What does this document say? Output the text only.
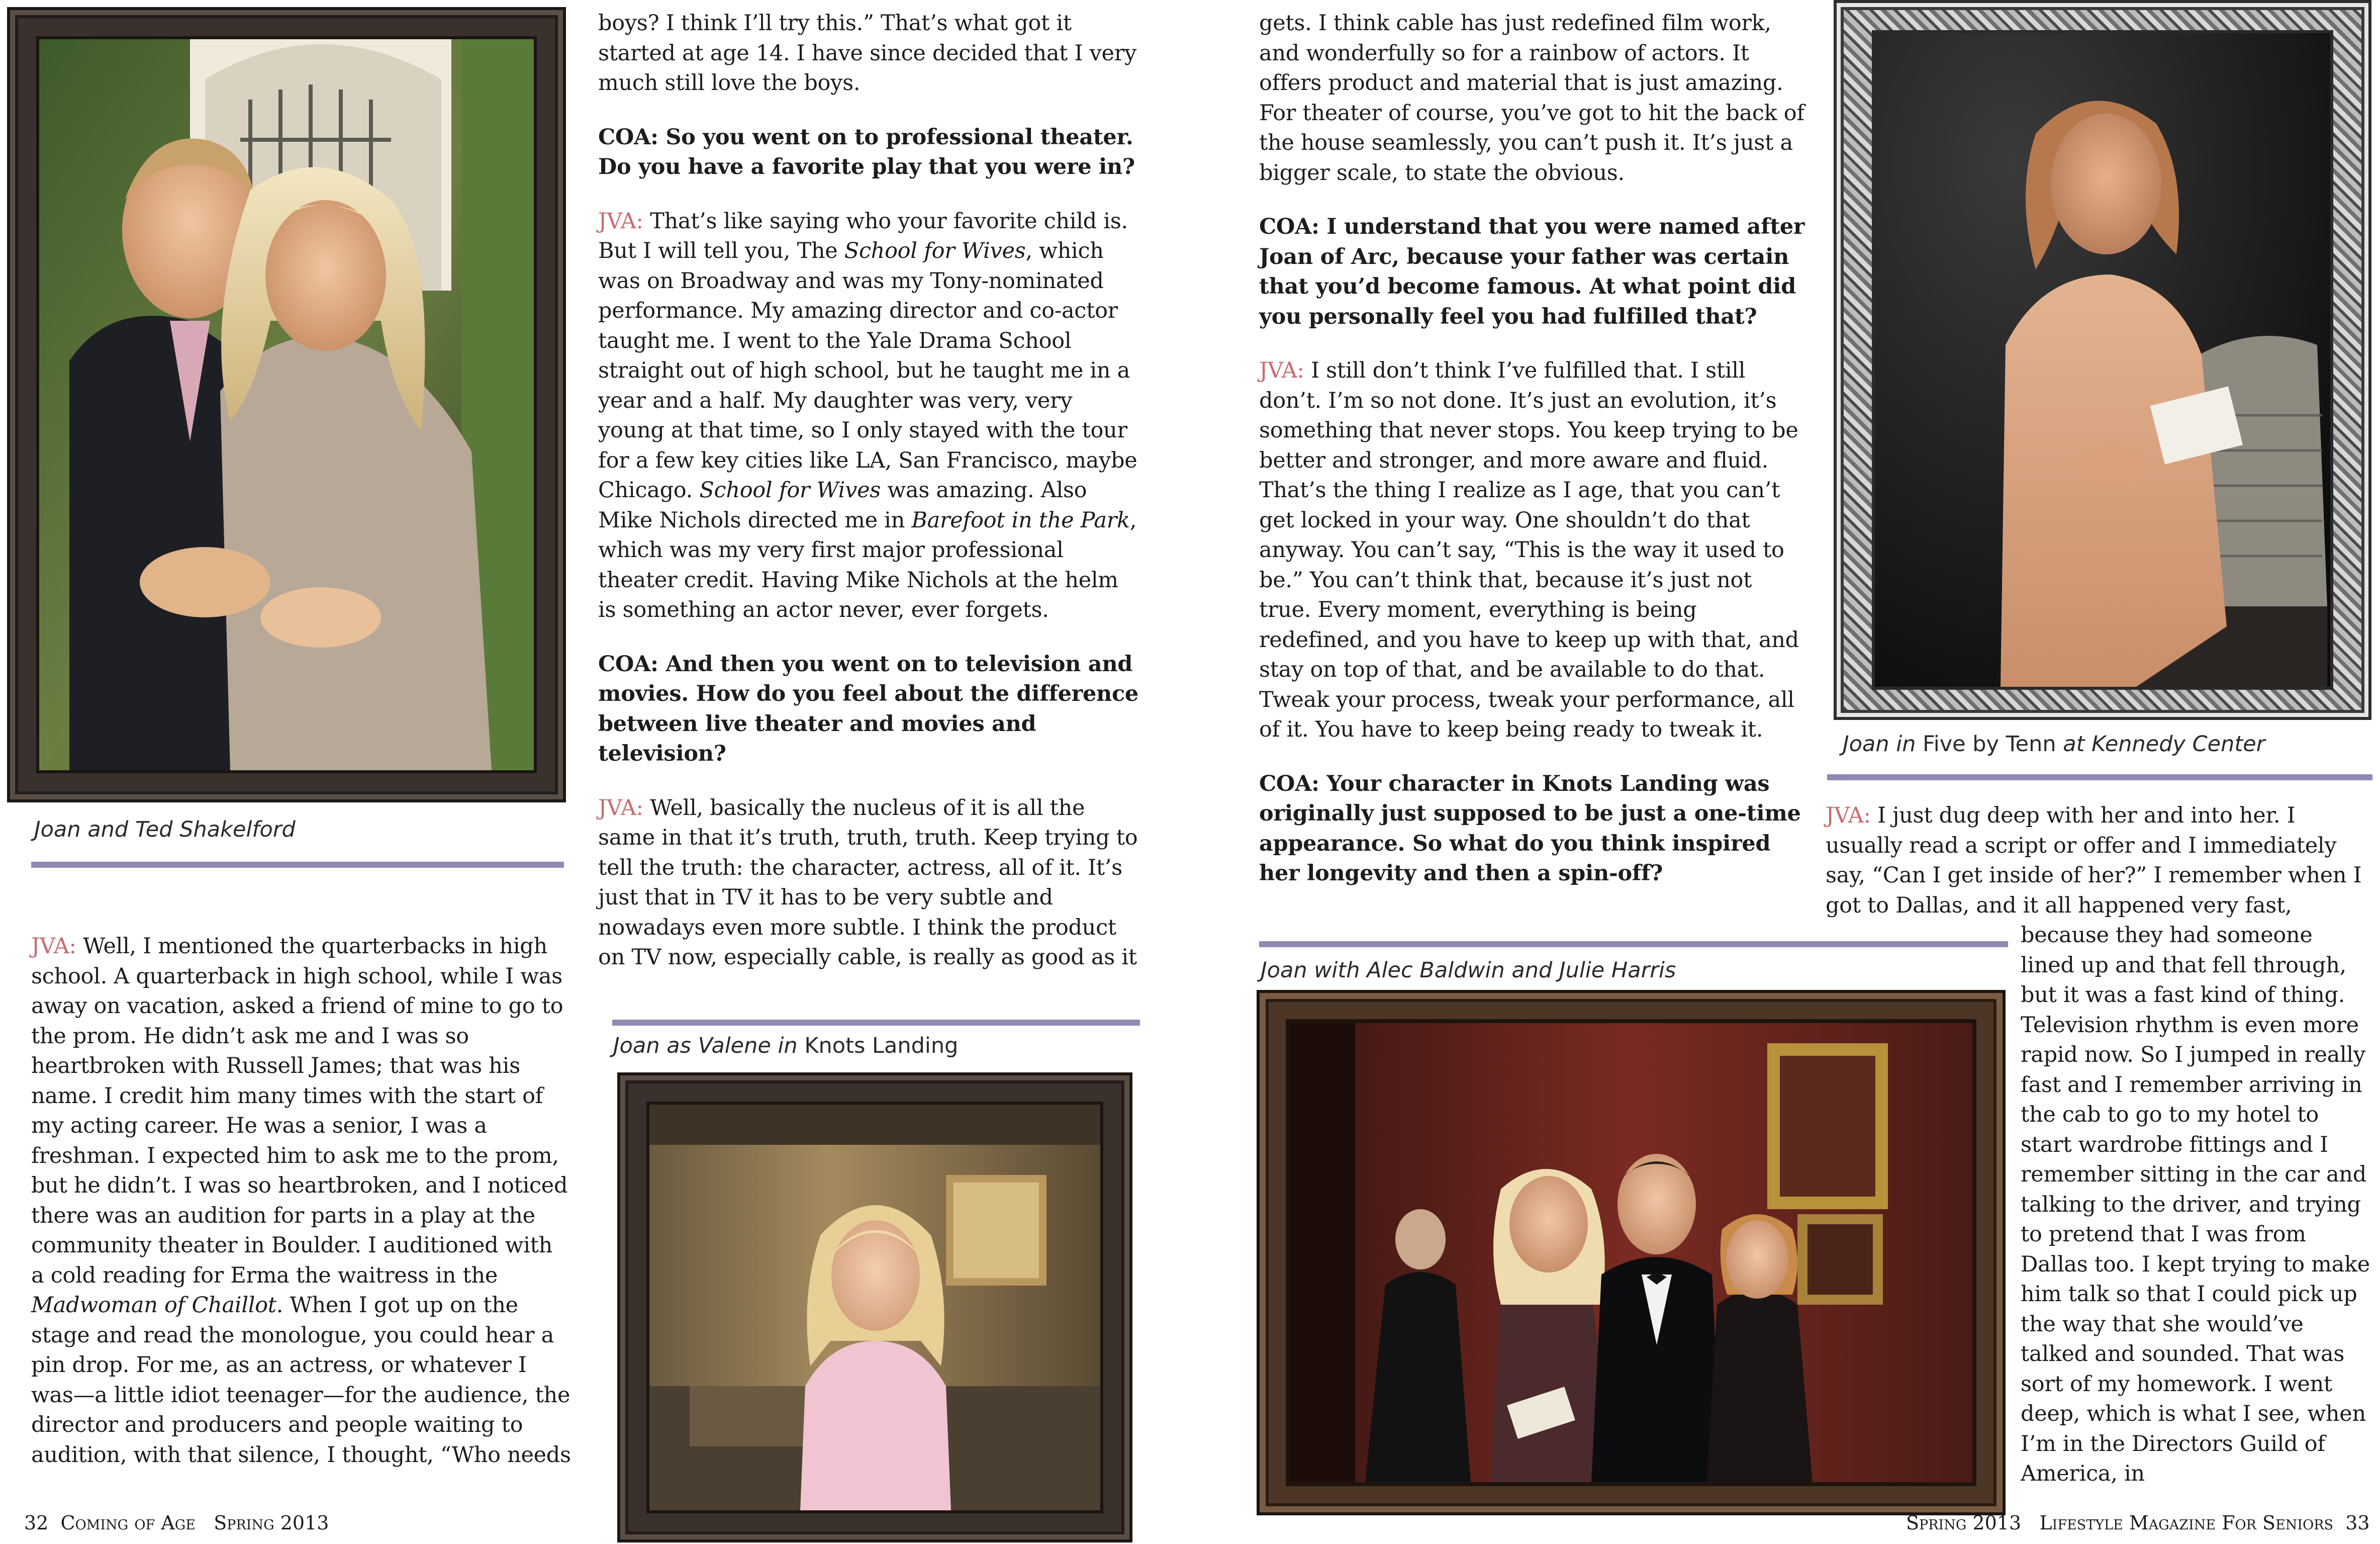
Joan and Ted Shakelford

JVA: Well, I mentioned the quarterbacks in high school. A quarterback in high school, while I was away on vacation, asked a friend of mine to go to the prom. He didn’t ask me and I was so heartbroken with Russell James; that was his name. I credit him many times with the start of my acting career. He was a senior, I was a freshman. I expected him to ask me to the prom, but he didn’t. I was so heartbroken, and I noticed there was an audition for parts in a play at the community theater in Boulder. I auditioned with a cold reading for Erma the waitress in the Madwoman of Chaillot. When I got up on the stage and read the monologue, you could hear a pin drop. For me, as an actress, or whatever I was—a little idiot teenager—for the audience, the director and producers and people waiting to audition, with that silence, I thought, “Who needs

boys? I think I’ll try this.” That’s what got it started at age 14. I have since decided that I very much still love the boys.

COA: So you went on to professional theater. Do you have a favorite play that you were in?

JVA: That’s like saying who your favorite child is. But I will tell you, The School for Wives, which was on Broadway and was my Tony-nominated performance. My amazing director and co-actor taught me. I went to the Yale Drama School straight out of high school, but he taught me in a year and a half. My daughter was very, very young at that time, so I only stayed with the tour for a few key cities like LA, San Francisco, maybe Chicago. School for Wives was amazing. Also Mike Nichols directed me in Barefoot in the Park, which was my very first major professional theater credit. Having Mike Nichols at the helm is something an actor never, ever forgets.

COA: And then you went on to television and movies. How do you feel about the difference between live theater and movies and television?

JVA: Well, basically the nucleus of it is all the same in that it’s truth, truth, truth. Keep trying to tell the truth: the character, actress, all of it. It’s just that in TV it has to be very subtle and nowadays even more subtle. I think the product on TV now, especially cable, is really as good as it

Joan as Valene in Knots Landing
32 Coming of Age Spring 2013

gets. I think cable has just redefined film work, and wonderfully so for a rainbow of actors. It offers product and material that is just amazing. For theater of course, you’ve got to hit the back of the house seamlessly, you can’t push it. It’s just a bigger scale, to state the obvious.

COA: I understand that you were named after Joan of Arc, because your father was certain that you’d become famous. At what point did you personally feel you had fulfilled that?

JVA: I still don’t think I’ve fulfilled that. I still don’t. I’m so not done. It’s just an evolution, it’s something that never stops. You keep trying to be better and stronger, and more aware and fluid. That’s the thing I realize as I age, that you can’t get locked in your way. One shouldn’t do that anyway. You can’t say, “This is the way it used to be.” You can’t think that, because it’s just not true. Every moment, everything is being redefined, and you have to keep up with that, and stay on top of that, and be available to do that. Tweak your process, tweak your performance, all of it. You have to keep being ready to tweak it.

COA: Your character in Knots Landing was originally just supposed to be just a one-time appearance. So what do you think inspired her longevity and then a spin-off?

Joan in Five by Tenn at Kennedy Center

JVA: I just dug deep with her and into her. I usually read a script or offer and I immediately say, “Can I get inside of her?” I remember when I got to Dallas, and it all happened very fast,

because they had someone lined up and that fell through, but it was a fast kind of thing. Television rhythm is even more rapid now. So I jumped in really fast and I remember arriving in the cab to go to my hotel to start wardrobe fittings and I remember sitting in the car and talking to the driver, and trying to pretend that I was from Dallas too. I kept trying to make him talk so that I could pick up the way that she would’ve talked and sounded. That was sort of my homework. I went deep, which is what I see, when I’m in the Directors Guild of America, in

Joan with Alec Baldwin and Julie Harris
Spring 2013 Lifestyle Magazine For Seniors 33
